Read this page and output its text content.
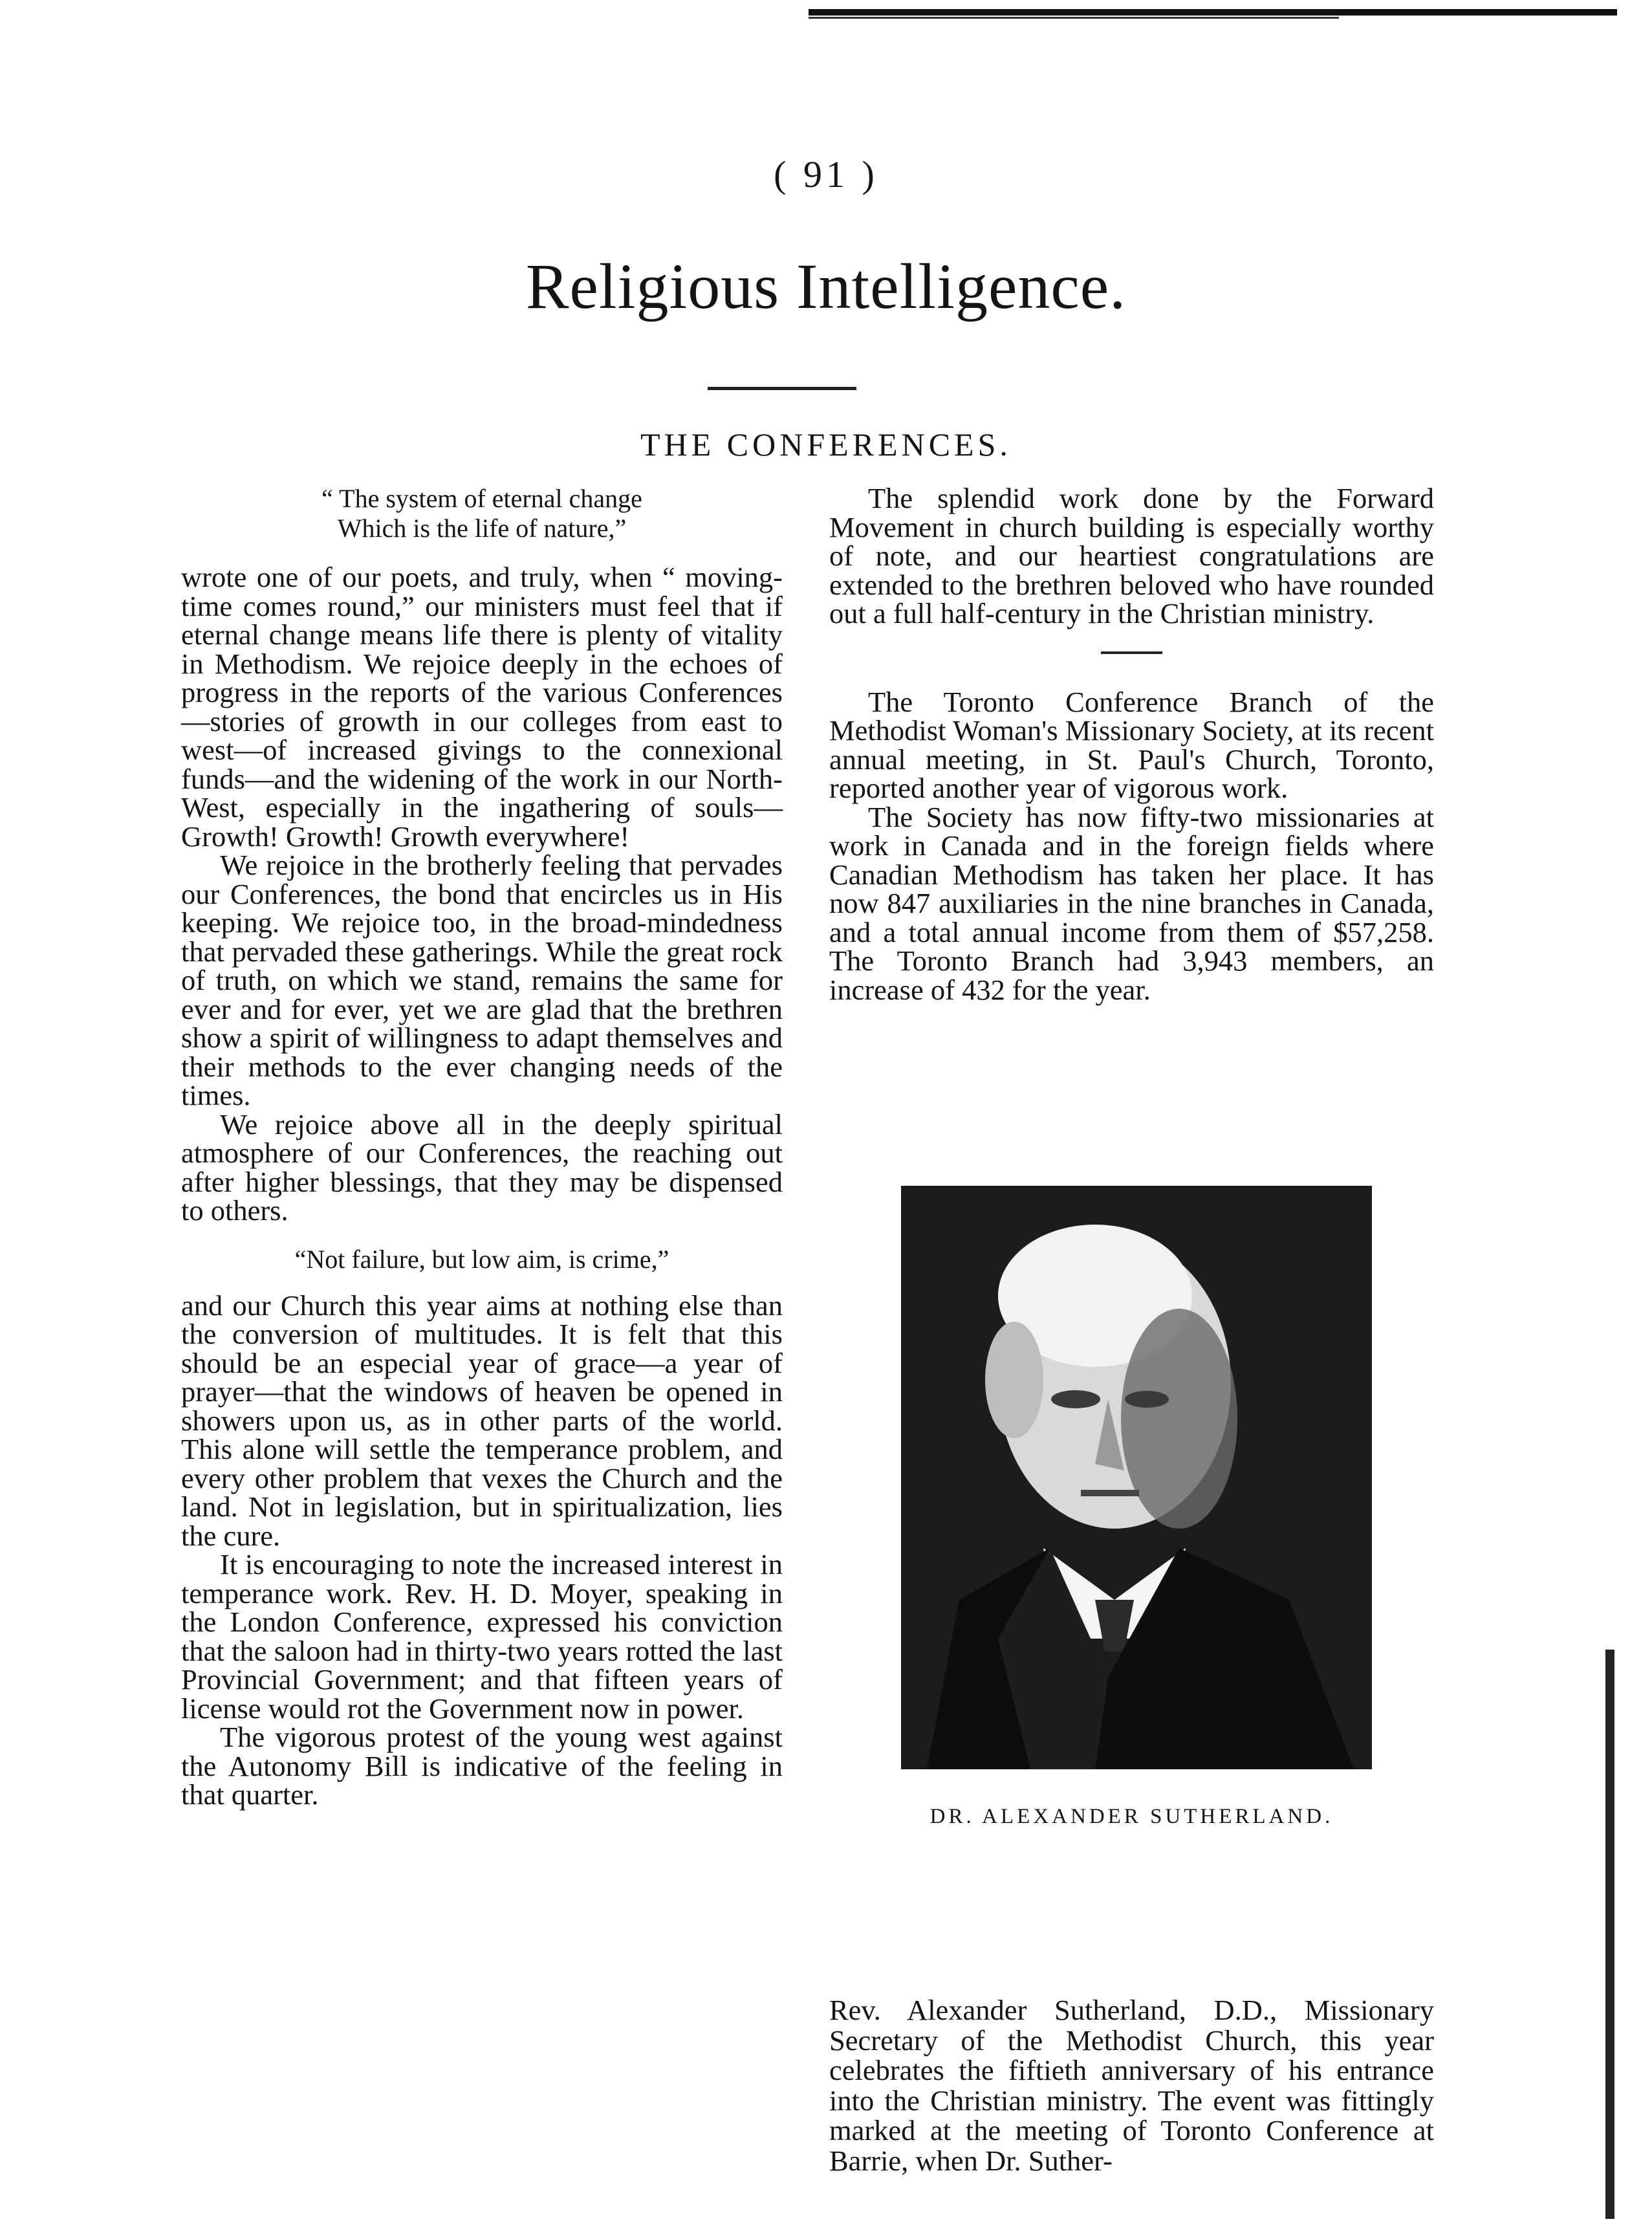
( 91 )
Religious Intelligence.
THE CONFERENCES.
“ The system of eternal change
Which is the life of nature,”

wrote one of our poets, and truly, when “ moving-time comes round,” our ministers must feel that if eternal change means life there is plenty of vitality in Methodism. We rejoice deeply in the echoes of progress in the reports of the various Conferences—stories of growth in our colleges from east to west—of increased givings to the connexional funds—and the widening of the work in our North-West, especially in the ingathering of souls—Growth! Growth! Growth everywhere!

We rejoice in the brotherly feeling that pervades our Conferences, the bond that encircles us in His keeping. We rejoice too, in the broad-mindedness that pervaded these gatherings. While the great rock of truth, on which we stand, remains the same for ever and for ever, yet we are glad that the brethren show a spirit of willingness to adapt themselves and their methods to the ever changing needs of the times.

We rejoice above all in the deeply spiritual atmosphere of our Conferences, the reaching out after higher blessings, that they may be dispensed to others.

“Not failure, but low aim, is crime,”

and our Church this year aims at nothing else than the conversion of multitudes. It is felt that this should be an especial year of grace—a year of prayer—that the windows of heaven be opened in showers upon us, as in other parts of the world. This alone will settle the temperance problem, and every other problem that vexes the Church and the land. Not in legislation, but in spiritualization, lies the cure.

It is encouraging to note the increased interest in temperance work. Rev. H. D. Moyer, speaking in the London Conference, expressed his conviction that the saloon had in thirty-two years rotted the last Provincial Government; and that fifteen years of license would rot the Government now in power.

The vigorous protest of the young west against the Autonomy Bill is indicative of the feeling in that quarter.

The splendid work done by the Forward Movement in church building is especially worthy of note, and our heartiest congratulations are extended to the brethren beloved who have rounded out a full half-century in the Christian ministry.

The Toronto Conference Branch of the Methodist Woman's Missionary Society, at its recent annual meeting, in St. Paul's Church, Toronto, reported another year of vigorous work.

The Society has now fifty-two missionaries at work in Canada and in the foreign fields where Canadian Methodism has taken her place. It has now 847 auxiliaries in the nine branches in Canada, and a total annual income from them of $57,258. The Toronto Branch had 3,943 members, an increase of 432 for the year.

DR. ALEXANDER SUTHERLAND.

Rev. Alexander Sutherland, D.D., Missionary Secretary of the Methodist Church, this year celebrates the fiftieth anniversary of his entrance into the Christian ministry. The event was fittingly marked at the meeting of Toronto Conference at Barrie, when Dr. Suther-
